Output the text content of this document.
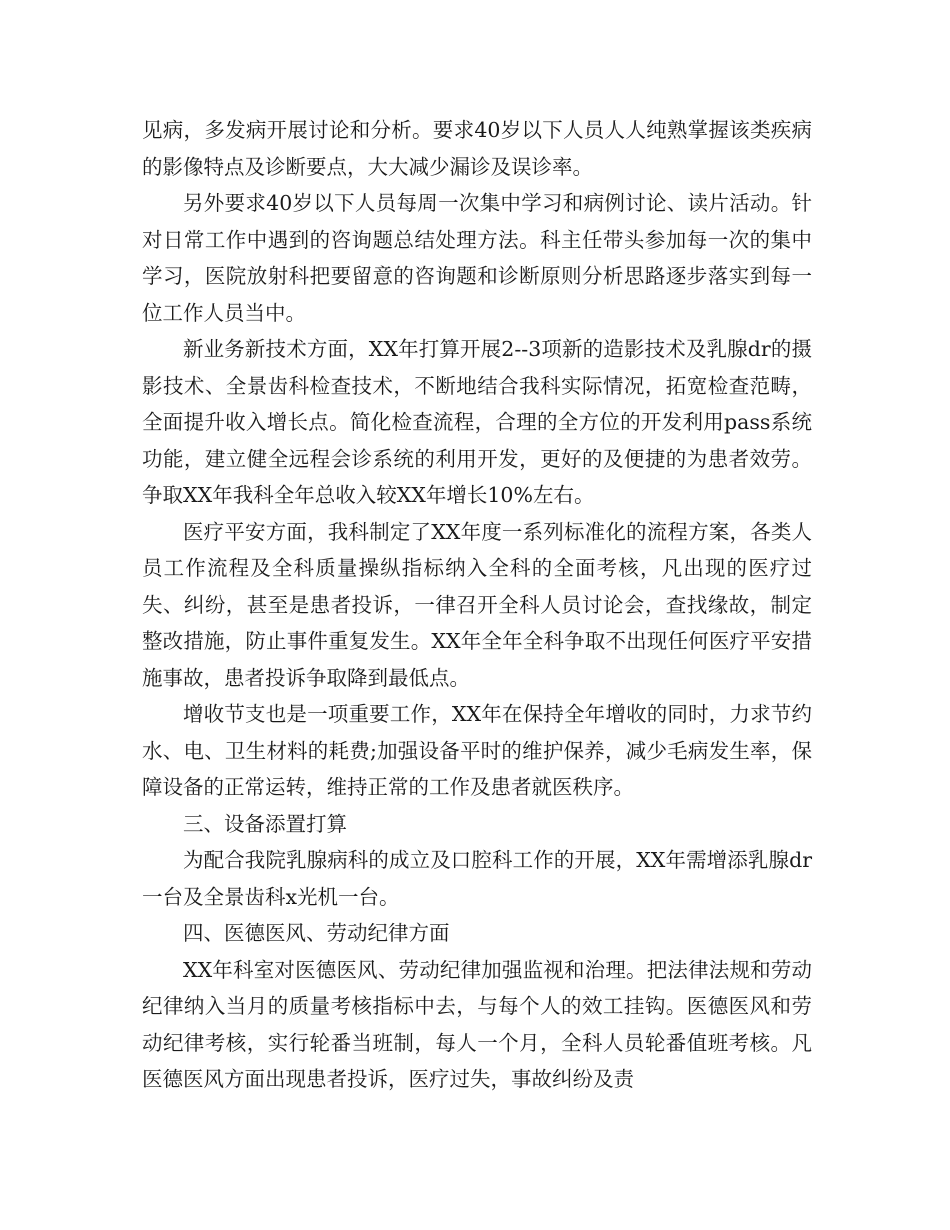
见病，多发病开展讨论和分析。要求40岁以下人员人人纯熟掌握该类疾病的影像特点及诊断要点，大大减少漏诊及误诊率。

另外要求40岁以下人员每周一次集中学习和病例讨论、读片活动。针对日常工作中遇到的咨询题总结处理方法。科主任带头参加每一次的集中学习，医院放射科把要留意的咨询题和诊断原则分析思路逐步落实到每一位工作人员当中。

新业务新技术方面，XX年打算开展2--3项新的造影技术及乳腺dr的摄影技术、全景齿科检查技术，不断地结合我科实际情况，拓宽检查范畴，全面提升收入增长点。简化检查流程，合理的全方位的开发利用pass系统功能，建立健全远程会诊系统的利用开发，更好的及便捷的为患者效劳。争取XX年我科全年总收入较XX年增长10%左右。

医疗平安方面，我科制定了XX年度一系列标准化的流程方案，各类人员工作流程及全科质量操纵指标纳入全科的全面考核，凡出现的医疗过失、纠纷，甚至是患者投诉，一律召开全科人员讨论会，查找缘故，制定整改措施，防止事件重复发生。XX年全年全科争取不出现任何医疗平安措施事故，患者投诉争取降到最低点。

增收节支也是一项重要工作，XX年在保持全年增收的同时，力求节约水、电、卫生材料的耗费;加强设备平时的维护保养，减少毛病发生率，保障设备的正常运转，维持正常的工作及患者就医秩序。

三、设备添置打算

为配合我院乳腺病科的成立及口腔科工作的开展，XX年需增添乳腺dr一台及全景齿科x光机一台。

四、医德医风、劳动纪律方面

XX年科室对医德医风、劳动纪律加强监视和治理。把法律法规和劳动纪律纳入当月的质量考核指标中去，与每个人的效工挂钩。医德医风和劳动纪律考核，实行轮番当班制，每人一个月，全科人员轮番值班考核。凡医德医风方面出现患者投诉，医疗过失，事故纠纷及责
